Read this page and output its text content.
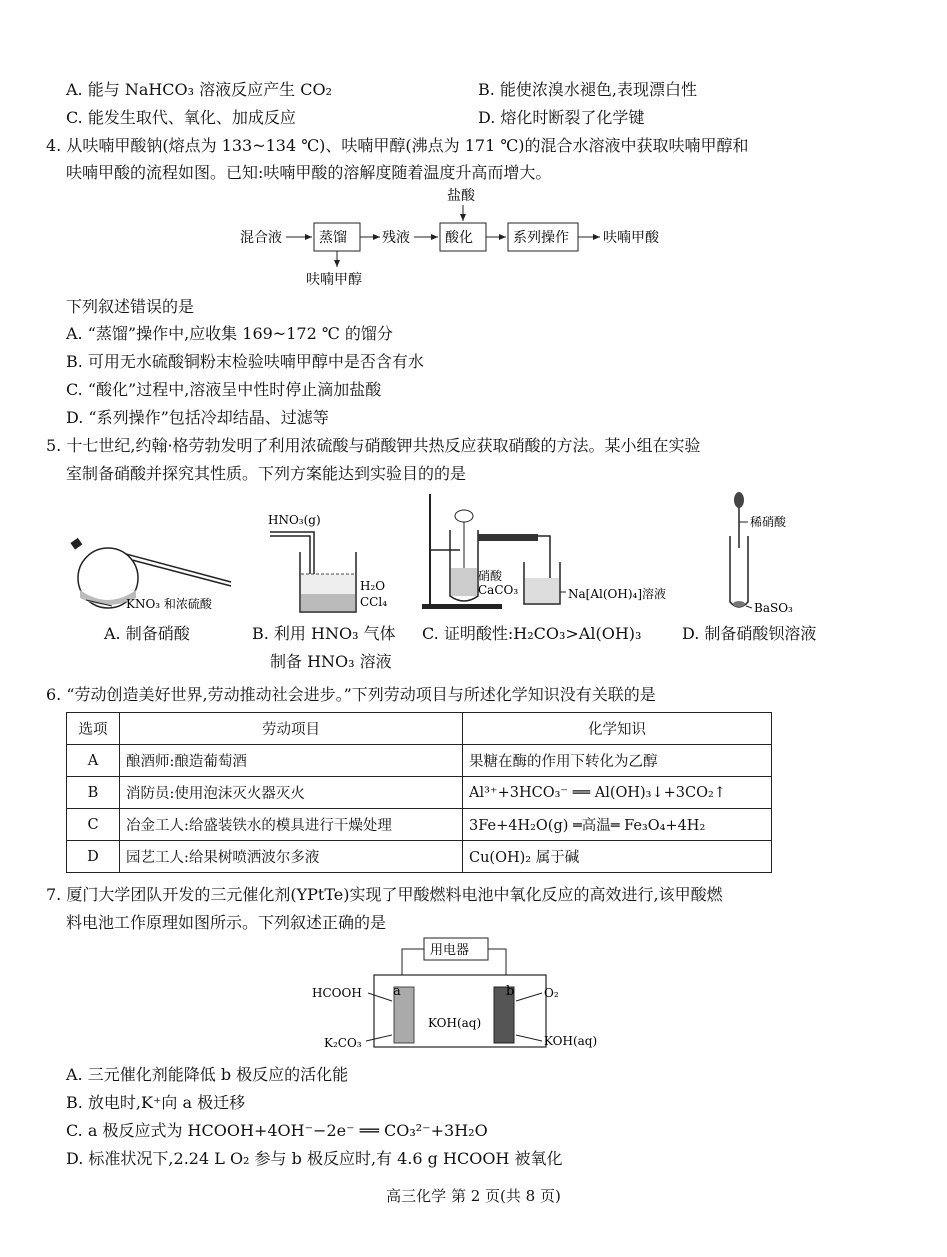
A. 能与 NaHCO₃ 溶液反应产生 CO₂	B. 能使浓溴水褪色,表现漂白性
C. 能发生取代、氧化、加成反应	D. 熔化时断裂了化学键
4. 从呋喃甲酸钠(熔点为 133~134 ℃)、呋喃甲醇(沸点为 171 ℃)的混合水溶液中获取呋喃甲醇和
呋喃甲酸的流程如图。已知:呋喃甲酸的溶解度随着温度升高而增大。
混合液	蒸馏
呋喃甲醇
残液	酸化
盐酸
系列操作 呋喃甲酸
下列叙述错误的是
A. “蒸馏”操作中,应收集 169~172 ℃ 的馏分
B. 可用无水硫酸铜粉末检验呋喃甲醇中是否含有水
C. “酸化”过程中,溶液呈中性时停止滴加盐酸
D. “系列操作”包括冷却结晶、过滤等
5. 十七世纪,约翰·格劳勃发明了利用浓硫酸与硝酸钾共热反应获取硝酸的方法。某小组在实验
室制备硝酸并探究其性质。下列方案能达到实验目的的是
KNO₃ 和浓硫酸
HNO₃(g)
H₂O
CCl₄
硝酸
CaCO₃	Na[Al(OH)₄]溶液
稀硝酸
BaSO₃
A. 制备硝酸	B. 利用 HNO₃ 气体
制备 HNO₃ 溶液
C. 证明酸性:H₂CO₃>Al(OH)₃	D. 制备硝酸钡溶液
6. “劳动创造美好世界,劳动推动社会进步。”下列劳动项目与所述化学知识没有关联的是
选项	劳动项目	化学知识
A	酿酒师:酿造葡萄酒	果糖在酶的作用下转化为乙醇
B	消防员:使用泡沫灭火器灭火	Al³⁺+3HCO₃⁻ ══ Al(OH)₃↓+3CO₂↑
C	冶金工人:给盛装铁水的模具进行干燥处理	3Fe+4H₂O(g) ═高温═ Fe₃O₄+4H₂
D	园艺工人:给果树喷洒波尔多液	Cu(OH)₂ 属于碱
7. 厦门大学团队开发的三元催化剂(YPtTe)实现了甲酸燃料电池中氧化反应的高效进行,该甲酸燃
料电池工作原理如图所示。下列叙述正确的是
用电器
a	b
KOH(aq)
HCOOH
K₂CO₃
O₂
KOH(aq)
A. 三元催化剂能降低 b 极反应的活化能
B. 放电时,K⁺向 a 极迁移
C. a 极反应式为 HCOOH+4OH⁻−2e⁻ ══ CO₃²⁻+3H₂O
D. 标准状况下,2.24 L O₂ 参与 b 极反应时,有 4.6 g HCOOH 被氧化
高三化学 第 2 页(共 8 页)
